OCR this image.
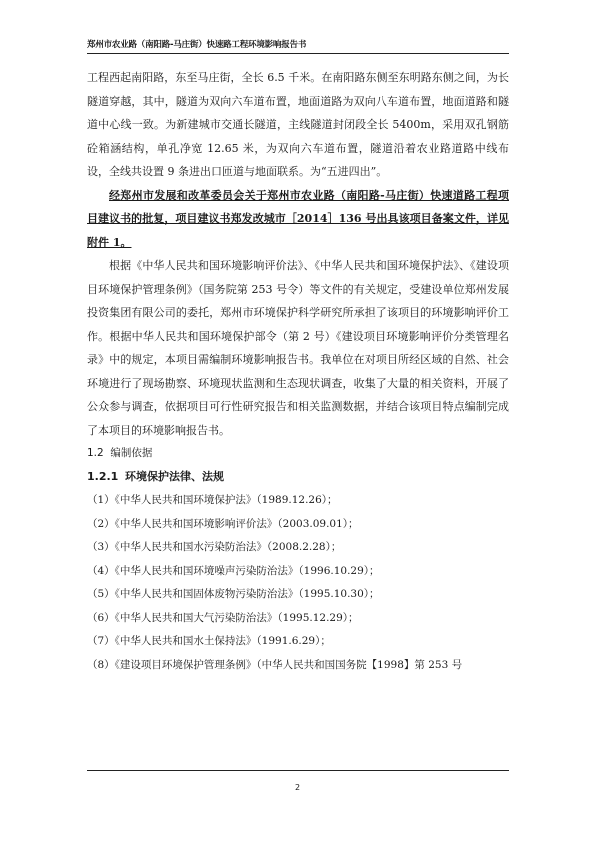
郑州市农业路（南阳路-马庄街）快速路工程环境影响报告书

工程西起南阳路，东至马庄街，全长 6.5 千米。在南阳路东侧至东明路东侧之间，为长隧道穿越，其中，隧道为双向六车道布置，地面道路为双向八车道布置，地面道路和隧道中心线一致。为新建城市交通长隧道，主线隧道封闭段全长 5400m，采用双孔钢筋砼箱涵结构，单孔净宽 12.65 米，为双向六车道布置，隧道沿着农业路道路中线布设，全线共设置 9 条进出口匝道与地面联系。为“五进四出”。

经郑州市发展和改革委员会关于郑州市农业路（南阳路-马庄街）快速道路工程项目建议书的批复，项目建议书郑发改城市［2014］136 号出具该项目备案文件，详见附件 1。

根据《中华人民共和国环境影响评价法》、《中华人民共和国环境保护法》、《建设项目环境保护管理条例》（国务院第 253 号令）等文件的有关规定，受建设单位郑州发展投资集团有限公司的委托，郑州市环境保护科学研究所承担了该项目的环境影响评价工作。根据中华人民共和国环境保护部令（第 2 号）《建设项目环境影响评价分类管理名录》中的规定，本项目需编制环境影响报告书。我单位在对项目所经区域的自然、社会环境进行了现场勘察、环境现状监测和生态现状调查，收集了大量的相关资料，开展了公众参与调查，依据项目可行性研究报告和相关监测数据，并结合该项目特点编制完成了本项目的环境影响报告书。

1.2 编制依据

1.2.1 环境保护法律、法规

（1）《中华人民共和国环境保护法》（1989.12.26）；
（2）《中华人民共和国环境影响评价法》（2003.09.01）；
（3）《中华人民共和国水污染防治法》（2008.2.28）；
（4）《中华人民共和国环境噪声污染防治法》（1996.10.29）；
（5）《中华人民共和国固体废物污染防治法》（1995.10.30）；
（6）《中华人民共和国大气污染防治法》（1995.12.29）；
（7）《中华人民共和国水土保持法》（1991.6.29）；
（8）《建设项目环境保护管理条例》（中华人民共和国国务院【1998】第 253 号
2
